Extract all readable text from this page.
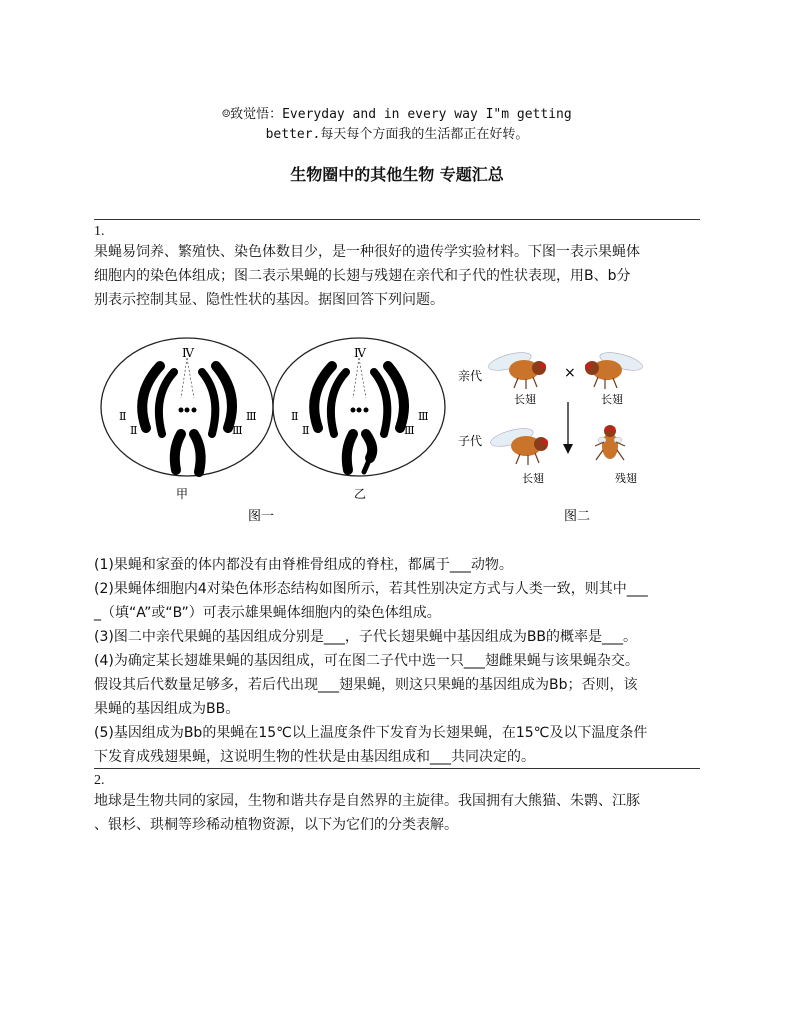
☺致觉悟：Everyday and in every way I"m getting
better.每天每个方面我的生活都正在好转。
生物圈中的其他生物 专题汇总
1.

果蝇易饲养、繁殖快、染色体数目少，是一种很好的遗传学实验材料。下图一表示果蝇体

细胞内的染色体组成；图二表示果蝇的长翅与残翅在亲代和子代的性状表现，用B、b分

别表示控制其显、隐性性状的基因。据图回答下列问题。

Ⅳ
Ⅱ
Ⅱ
Ⅲ
Ⅲ
甲
Ⅳ
Ⅱ
Ⅱ
Ⅲ
Ⅲ
乙
图一
亲代
子代
×
长翅	长翅
长翅	残翅
图二

(1)果蝇和家蚕的体内都没有由脊椎骨组成的脊柱，都属于___动物。

(2)果蝇体细胞内4对染色体形态结构如图所示，若其性别决定方式与人类一致，则其中___

_（填“A”或“B”）可表示雄果蝇体细胞内的染色体组成。

(3)图二中亲代果蝇的基因组成分别是___，子代长翅果蝇中基因组成为BB的概率是___。

(4)为确定某长翅雄果蝇的基因组成，可在图二子代中选一只___翅雌果蝇与该果蝇杂交。

假设其后代数量足够多，若后代出现___翅果蝇，则这只果蝇的基因组成为Bb；否则，该

果蝇的基因组成为BB。

(5)基因组成为Bb的果蝇在15℃以上温度条件下发育为长翅果蝇，在15℃及以下温度条件

下发育成残翅果蝇，这说明生物的性状是由基因组成和___共同决定的。

2.

地球是生物共同的家园，生物和谐共存是自然界的主旋律。我国拥有大熊猫、朱鹮、江豚

、银杉、珙桐等珍稀动植物资源，以下为它们的分类表解。
